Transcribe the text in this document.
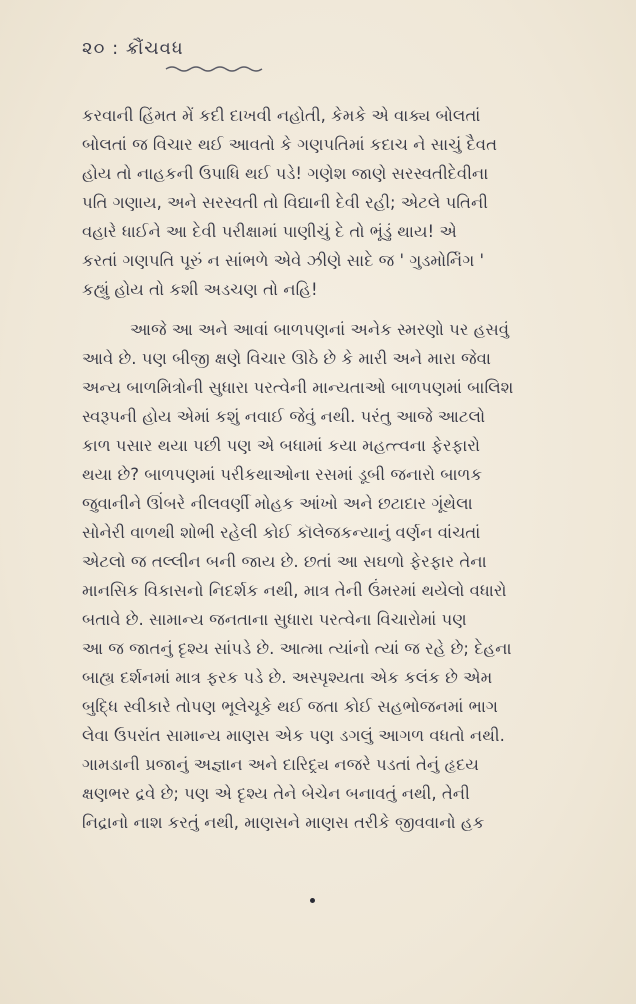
૨૦ : ક્રૌંચવધ
કરવાની હિંમત મેં કદી દાખવી નહોતી, કેમકે એ વાક્ય બોલતાં
બોલતાં જ વિચાર થઈ આવતો કે ગણપતિમાં કદાચ ને સાચું દૈવત
હોય તો નાહકની ઉપાધિ થઈ પડે! ગણેશ જાણે સરસ્વતીદેવીના
પતિ ગણાય, અને સરસ્વતી તો વિદ્યાની દેવી રહી; એટલે પતિની
વહારે ધાઈને આ દેવી પરીક્ષામાં પાણીચું દે તો ભૂંડું થાય! એ
કરતાં ગણપતિ પૂરું ન સાંભળે એવે ઝીણે સાદે જ ' ગુડમોર્નિંગ '
કહ્યું હોય તો કશી અડચણ તો નહિ!
આજે આ અને આવાં બાળપણનાં અનેક સ્મરણો પર હસવું
આવે છે. પણ બીજી ક્ષણે વિચાર ઊઠે છે કે મારી અને મારા જેવા
અન્ય બાળમિત્રોની સુધારા પરત્વેની માન્યતાઓ બાળપણમાં બાલિશ
સ્વરૂપની હોય એમાં કશું નવાઈ જેવું નથી. પરંતુ આજે આટલો
કાળ પસાર થયા પછી પણ એ બધામાં કયા મહત્ત્વના ફેરફારો
થયા છે? બાળપણમાં પરીકથાઓના રસમાં ડૂબી જનારો બાળક
જુવાનીને ઊંબરે નીલવર્ણી મોહક આંખો અને છટાદાર ગૂંથેલા
સોનેરી વાળથી શોભી રહેલી કોઈ કૉલેજકન્યાનું વર્ણન વાંચતાં
એટલો જ તલ્લીન બની જાય છે. છતાં આ સઘળો ફેરફાર તેના
માનસિક વિકાસનો નિદર્શક નથી, માત્ર તેની ઉંમરમાં થયેલો વધારો
બતાવે છે. સામાન્ય જનતાના સુધારા પરત્વેના વિચારોમાં પણ
આ જ જાતનું દૃશ્ય સાંપડે છે. આત્મા ત્યાંનો ત્યાં જ રહે છે; દેહના
બાહ્ય દર્શનમાં માત્ર ફરક પડે છે. અસ્પૃશ્યતા એક કલંક છે એમ
બુદ્ધિ સ્વીકારે તોપણ ભૂલેચૂકે થઈ જતા કોઈ સહભોજનમાં ભાગ
લેવા ઉપરાંત સામાન્ય માણસ એક પણ ડગલું આગળ વધતો નથી.
ગામડાની પ્રજાનું અજ્ઞાન અને દારિદ્ર્ય નજરે પડતાં તેનું હૃદય
ક્ષણભર દ્રવે છે; પણ એ દૃશ્ય તેને બેચેન બનાવતું નથી, તેની
નિદ્રાનો નાશ કરતું નથી, માણસને માણસ તરીકે જીવવાનો હક
